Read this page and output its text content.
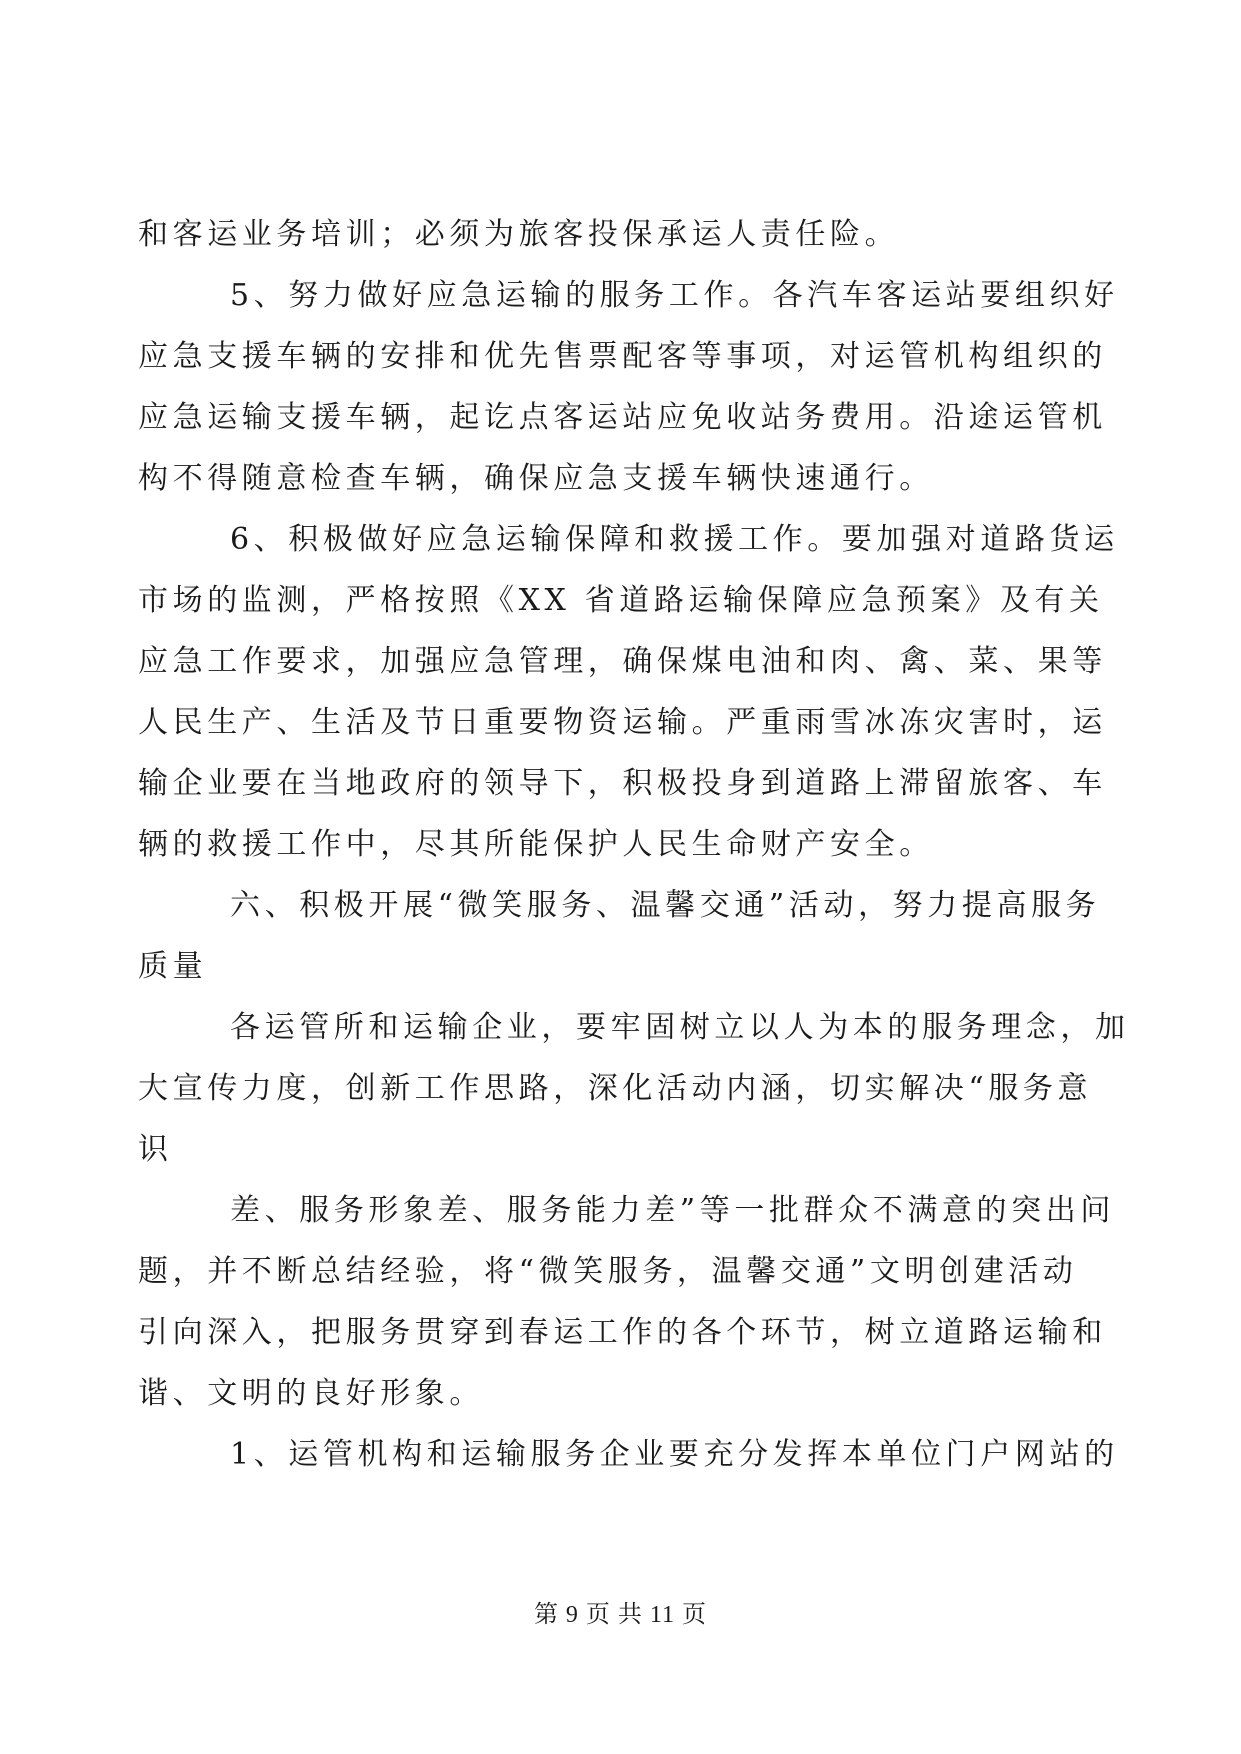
和客运业务培训；必须为旅客投保承运人责任险。
5、努力做好应急运输的服务工作。各汽车客运站要组织好
应急支援车辆的安排和优先售票配客等事项，对运管机构组织的
应急运输支援车辆，起讫点客运站应免收站务费用。沿途运管机
构不得随意检查车辆，确保应急支援车辆快速通行。
6、积极做好应急运输保障和救援工作。要加强对道路货运
市场的监测，严格按照《XX 省道路运输保障应急预案》及有关
应急工作要求，加强应急管理，确保煤电油和肉、禽、菜、果等
人民生产、生活及节日重要物资运输。严重雨雪冰冻灾害时，运
输企业要在当地政府的领导下，积极投身到道路上滞留旅客、车
辆的救援工作中，尽其所能保护人民生命财产安全。
六、积极开展“微笑服务、温馨交通”活动，努力提高服务
质量
各运管所和运输企业，要牢固树立以人为本的服务理念，加
大宣传力度，创新工作思路，深化活动内涵，切实解决“服务意
识
差、服务形象差、服务能力差”等一批群众不满意的突出问
题，并不断总结经验，将“微笑服务，温馨交通”文明创建活动
引向深入，把服务贯穿到春运工作的各个环节，树立道路运输和
谐、文明的良好形象。
1、运管机构和运输服务企业要充分发挥本单位门户网站的
第 9 页 共 11 页
